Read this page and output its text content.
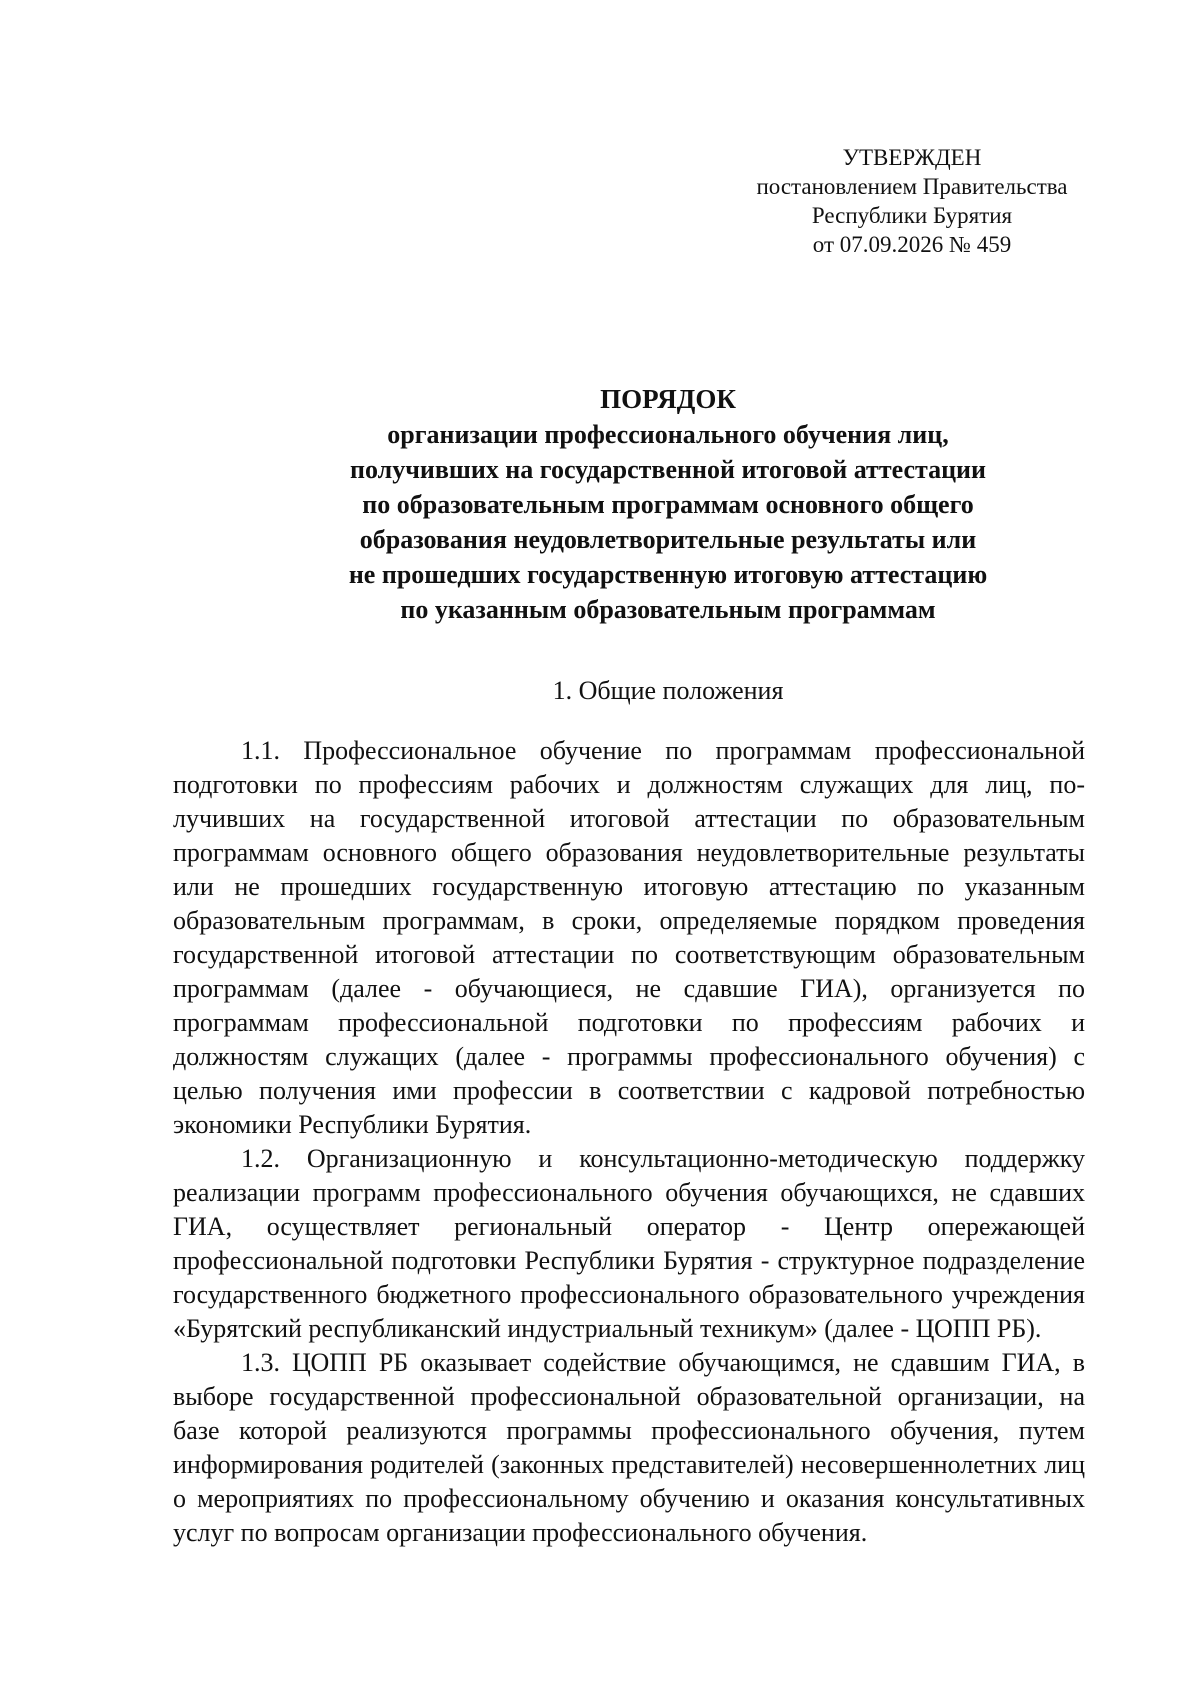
УТВЕРЖДЕН
постановлением Правительства
Республики Бурятия
от 07.09.2026 № 459
ПОРЯДОК
организации профессионального обучения лиц,
получивших на государственной итоговой аттестации
по образовательным программам основного общего
образования неудовлетворительные результаты или
не прошедших государственную итоговую аттестацию
по указанным образовательным программам
1. Общие положения

1.1. Профессиональное обучение по программам профессиональной подготовки по профессиям рабочих и должностям служащих для лиц, получивших на государственной итоговой аттестации по образовательным программам основного общего образования неудовлетворительные результаты или не прошедших государственную итоговую аттестацию по указанным образовательным программам, в сроки, определяемые порядком проведения государственной итоговой аттестации по соответствующим образовательным программам (далее - обучающиеся, не сдавшие ГИА), организуется по программам профессиональной подготовки по профессиям рабочих и должностям служащих (далее - программы профессионального обучения) с целью получения ими профессии в соответствии с кадровой потребностью экономики Республики Бурятия.

1.2. Организационную и консультационно-методическую поддержку реализации программ профессионального обучения обучающихся, не сдавших ГИА, осуществляет региональный оператор - Центр опережающей профессиональной подготовки Республики Бурятия - структурное подразделение государственного бюджетного профессионального образовательного учреждения «Бурятский республиканский индустриальный техникум» (далее - ЦОПП РБ).

1.3. ЦОПП РБ оказывает содействие обучающимся, не сдавшим ГИА, в выборе государственной профессиональной образовательной организации, на базе которой реализуются программы профессионального обучения, путем информирования родителей (законных представителей) несовершеннолетних лиц о мероприятиях по профессиональному обучению и оказания консультативных услуг по вопросам организации профессионального обучения.
